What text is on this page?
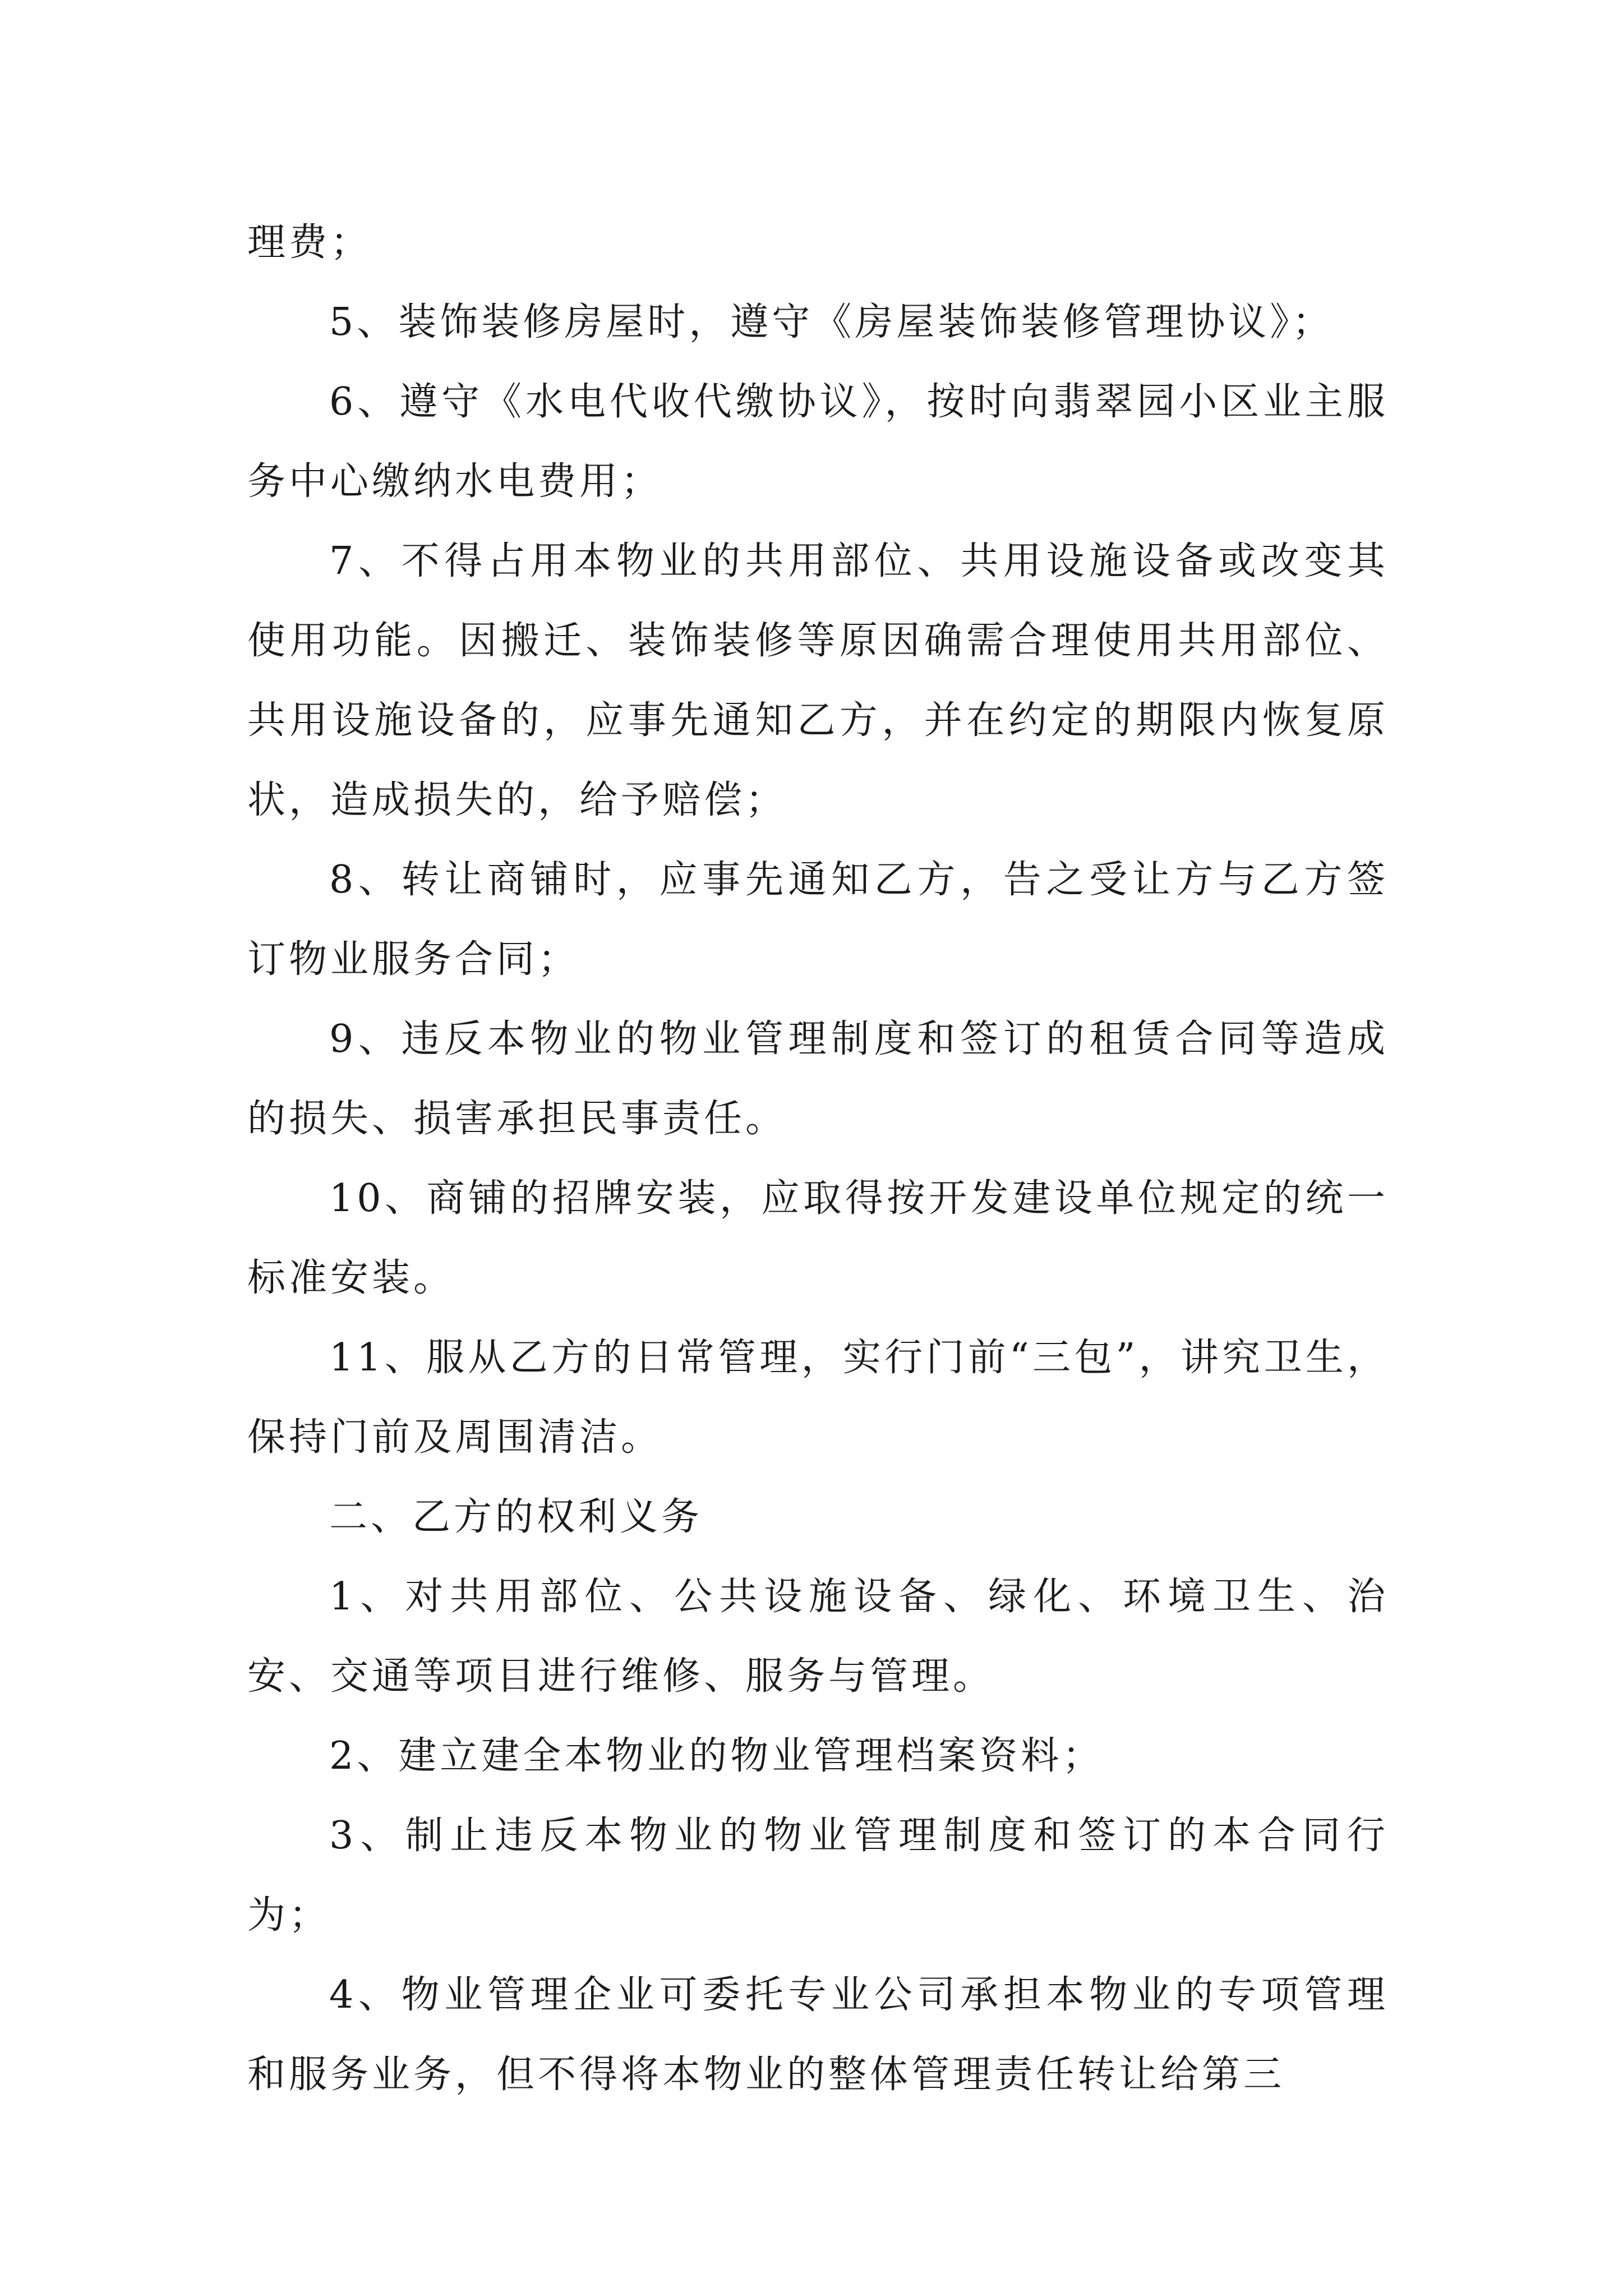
理费；

5、装饰装修房屋时，遵守《房屋装饰装修管理协议》；

6、遵守《水电代收代缴协议》，按时向翡翠园小区业主服务中心缴纳水电费用；

7、不得占用本物业的共用部位、共用设施设备或改变其使用功能。因搬迁、装饰装修等原因确需合理使用共用部位、共用设施设备的，应事先通知乙方，并在约定的期限内恢复原状，造成损失的，给予赔偿；

8、转让商铺时，应事先通知乙方，告之受让方与乙方签订物业服务合同；

9、违反本物业的物业管理制度和签订的租赁合同等造成的损失、损害承担民事责任。

10、商铺的招牌安装，应取得按开发建设单位规定的统一标准安装。

11、服从乙方的日常管理，实行门前“三包”，讲究卫生，保持门前及周围清洁。

二、乙方的权利义务

1、对共用部位、公共设施设备、绿化、环境卫生、治安、交通等项目进行维修、服务与管理。

2、建立建全本物业的物业管理档案资料；

3、制止违反本物业的物业管理制度和签订的本合同行为；

4、物业管理企业可委托专业公司承担本物业的专项管理和服务业务，但不得将本物业的整体管理责任转让给第三
